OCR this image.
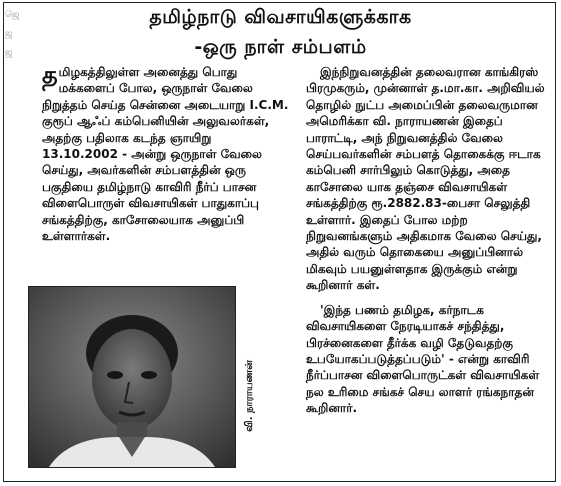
ஜெ
ஜ
ஜ
தமிழ்நாடு விவசாயிகளுக்காக
-ஒரு நாள் சம்பளம்

தமிழகத்திலுள்ள அனைத்து பொது மக்களைப் போல, ஒருநாள் வேலை நிறுத்தம் செய்த சென்னை அடையாறு I.C.M. குரூப் ஆஃப் கம்பெனியின் அலுவலர்கள், அதற்கு பதிலாக கடந்த ஞாயிறு 13.10.2002 - அன்று ஒருநாள் வேலை செய்து, அவர்களின் சம்பளத்தின் ஒரு பகுதியை தமிழ்நாடு காவிரி நீர்ப் பாசன விளைபொருள் விவசாயிகள் பாதுகாப்பு சங்கத்திற்கு, காசோலையாக அனுப்பி உள்ளார்கள்.

வி. நாராயணன்

இந்நிறுவனத்தின் தலைவரான காங்கிரஸ் பிரமுகரும், முன்னாள் த.மா.கா. அறிவியல் தொழில் நுட்ப அமைப்பின் தலைவருமான அமெரிக்கா வி. நாராயணன் இதைப் பாராட்டி, அந் நிறுவனத்தில் வேலை செய்பவர்களின் சம்பளத் தொகைக்கு ஈடாக கம்பெனி சார்பிலும் கொடுத்து, அதை காசோலை யாக தஞ்சை விவசாயிகள் சங்கத்திற்கு ரூ.2882.83-பைசா செலுத்தி உள்ளார். இதைப் போல மற்ற நிறுவனங்களும் அதிகமாக வேலை செய்து, அதில் வரும் தொகையை அனுப்பினால் மிகவும் பயனுள்ளதாக இருக்கும் என்று கூறினார் கள்.

'இந்த பணம் தமிழக, கர்நாடக விவசாயிகளை நேரடியாகச் சந்தித்து, பிரச்னைகளை தீர்க்க வழி தேடுவதற்கு உபயோகப்படுத்தப்படும்' - என்று காவிரி நீர்ப்பாசன விளைபொருட்கள் விவசாயிகள் நல உரிமை சங்கச் செய லாளர் ரங்கநாதன் கூறினார்.
